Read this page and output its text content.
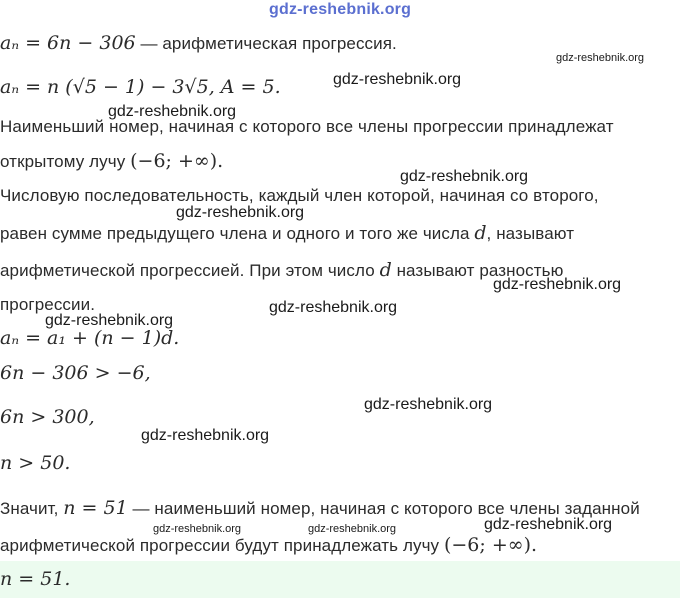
gdz-reshebnik.org
aₙ = 6n − 306 — арифметическая прогрессия.
aₙ = n (√5 − 1) − 3√5, A = 5.
Наименьший номер, начиная с которого все члены прогрессии принадлежат
открытому лучу (−6; +∞).
Числовую последовательность, каждый член которой, начиная со второго,
равен сумме предыдущего члена и одного и того же числа d, называют
арифметической прогрессией. При этом число d называют разностью
прогрессии.
aₙ = a₁ + (n − 1)d.
6n − 306 > −6,
6n > 300,
n > 50.
Значит, n = 51 — наименьший номер, начиная с которого все члены заданной
арифметической прогрессии будут принадлежать лучу (−6; +∞).
n = 51.
gdz-reshebnik.org
gdz-reshebnik.org
gdz-reshebnik.org
gdz-reshebnik.org
gdz-reshebnik.org
gdz-reshebnik.org
gdz-reshebnik.org
gdz-reshebnik.org
gdz-reshebnik.org
gdz-reshebnik.org
gdz-reshebnik.org
gdz-reshebnik.org	gdz-reshebnik.org
